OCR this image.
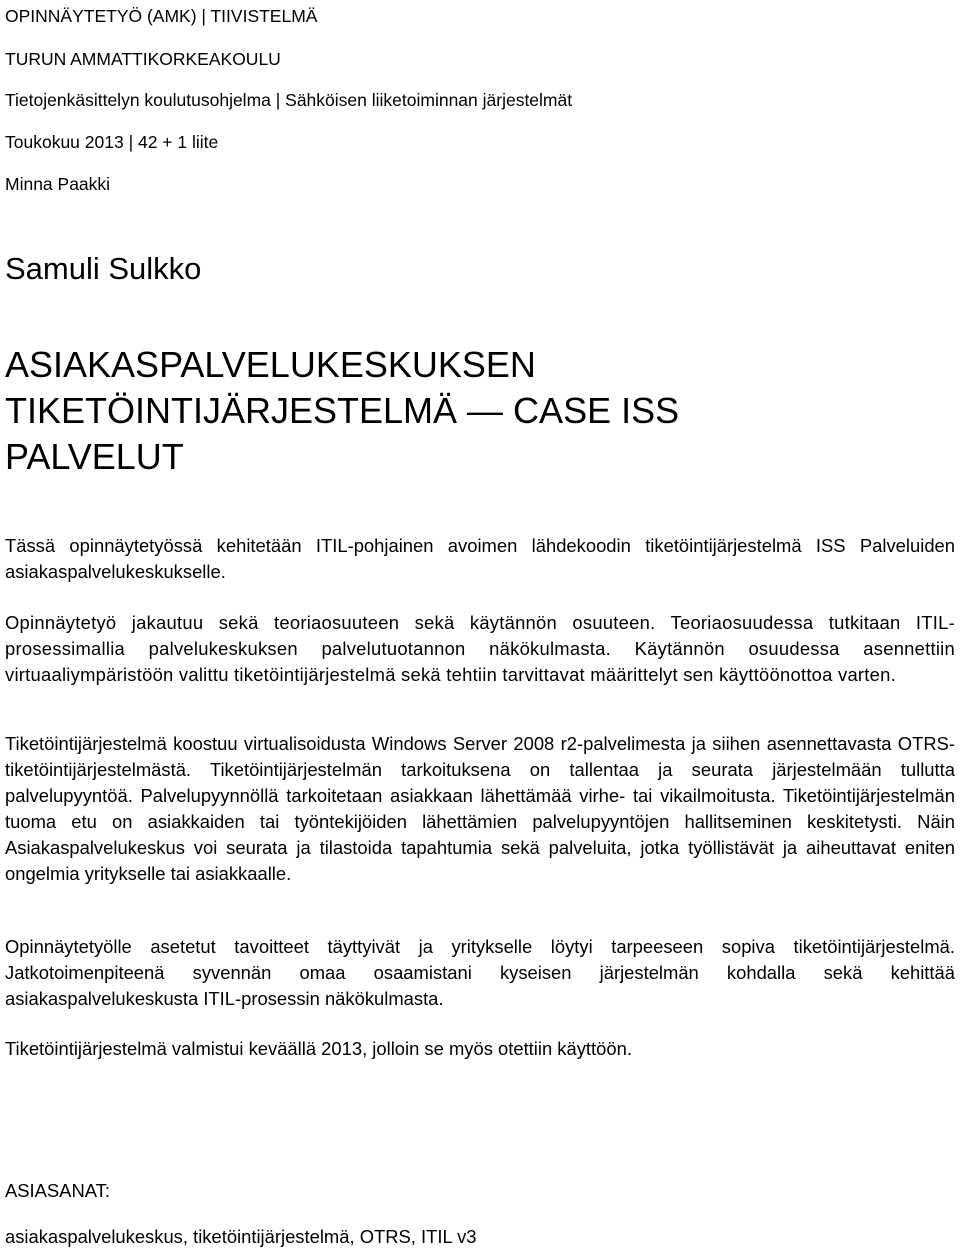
OPINNÄYTETYÖ (AMK) | TIIVISTELMÄ
TURUN AMMATTIKORKEAKOULU
Tietojenkäsittelyn koulutusohjelma | Sähköisen liiketoiminnan järjestelmät
Toukokuu 2013 | 42 + 1 liite
Minna Paakki
Samuli Sulkko
ASIAKASPALVELUKESKUKSEN
TIKETÖINTIJÄRJESTELMÄ — CASE ISS
PALVELUT
Tässä opinnäytetyössä kehitetään ITIL-pohjainen avoimen lähdekoodin tiketöintijärjestelmä ISS Palveluiden asiakaspalvelukeskukselle.
Opinnäytetyö jakautuu sekä teoriaosuuteen sekä käytännön osuuteen. Teoriaosuudessa tutkitaan ITIL-prosessimallia palvelukeskuksen palvelutuotannon näkökulmasta. Käytännön osuudessa asennettiin virtuaaliympäristöön valittu tiketöintijärjestelmä sekä tehtiin tarvittavat määrittelyt sen käyttöönottoa varten.
Tiketöintijärjestelmä koostuu virtualisoidusta Windows Server 2008 r2-palvelimesta ja siihen asennettavasta OTRS-tiketöintijärjestelmästä. Tiketöintijärjestelmän tarkoituksena on tallentaa ja seurata järjestelmään tullutta palvelupyyntöä. Palvelupyynnöllä tarkoitetaan asiakkaan lähettämää virhe- tai vikailmoitusta. Tiketöintijärjestelmän tuoma etu on asiakkaiden tai työntekijöiden lähettämien palvelupyyntöjen hallitseminen keskitetysti. Näin Asiakaspalvelukeskus voi seurata ja tilastoida tapahtumia sekä palveluita, jotka työllistävät ja aiheuttavat eniten ongelmia yritykselle tai asiakkaalle.
Opinnäytetyölle asetetut tavoitteet täyttyivät ja yritykselle löytyi tarpeeseen sopiva tiketöintijärjestelmä. Jatkotoimenpiteenä syvennän omaa osaamistani kyseisen järjestelmän kohdalla sekä kehittää asiakaspalvelukeskusta ITIL-prosessin näkökulmasta.
Tiketöintijärjestelmä valmistui keväällä 2013, jolloin se myös otettiin käyttöön.
ASIASANAT:
asiakaspalvelukeskus, tiketöintijärjestelmä, OTRS, ITIL v3
